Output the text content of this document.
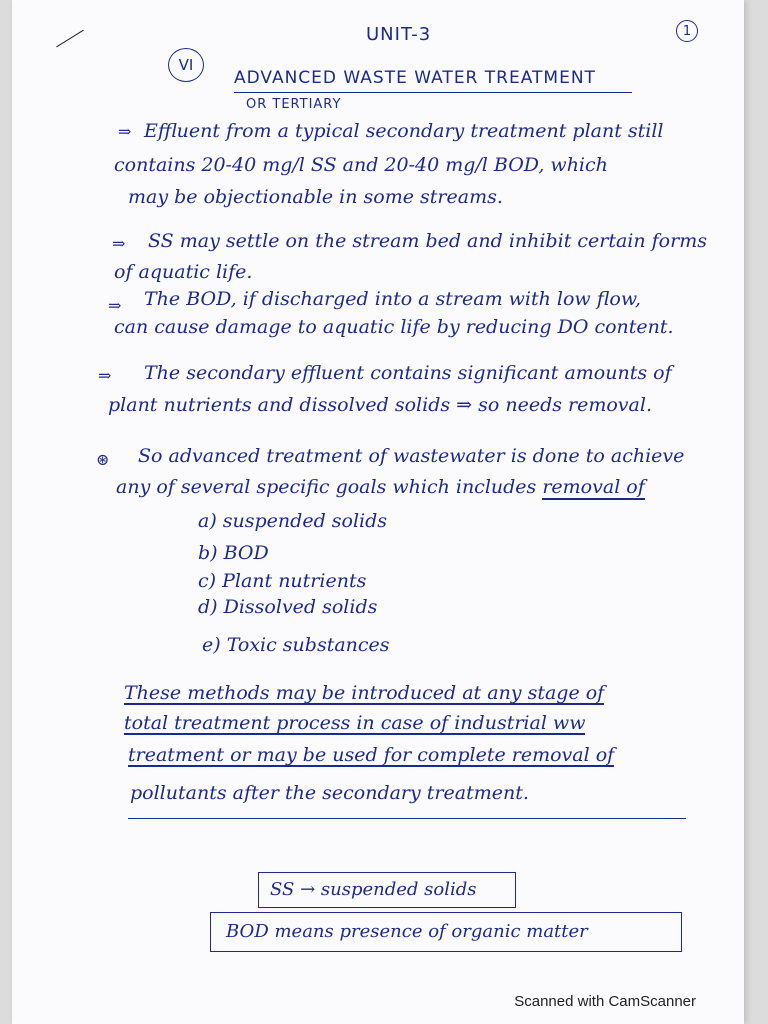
UNIT-3	1
VI
ADVANCED WASTE WATER TREATMENT
OR TERTIARY
⇒ Effluent from a typical secondary treatment plant still
contains 20-40 mg/l SS and 20-40 mg/l BOD, which
may be objectionable in some streams.
⇒ SS may settle on the stream bed and inhibit certain forms
of aquatic life.
⇒ The BOD, if discharged into a stream with low flow,
can cause damage to aquatic life by reducing DO content.
⇒ The secondary effluent contains significant amounts of
plant nutrients and dissolved solids ⇒ so needs removal.
⊛ So advanced treatment of wastewater is done to achieve
any of several specific goals which includes removal of
a) suspended solids
b) BOD
c) Plant nutrients
d) Dissolved solids
e) Toxic substances
These methods may be introduced at any stage of
total treatment process in case of industrial ww
treatment or may be used for complete removal of
pollutants after the secondary treatment.
SS → suspended solids
BOD means presence of organic matter
Scanned with CamScanner
